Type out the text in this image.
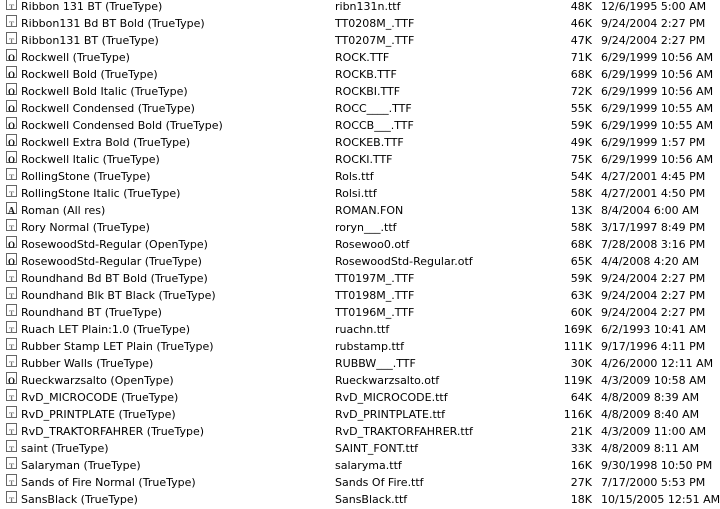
T
Ribbon 131 BT (TrueType)	ribn131n.ttf	48K 12/6/1995 5:00 AM
T
Ribbon131 Bd BT Bold (TrueType)	TT0208M_.TTF	46K 9/24/2004 2:27 PM
T
Ribbon131 BT (TrueType)	TT0207M_.TTF	47K 9/24/2004 2:27 PM
O
Rockwell (TrueType)	ROCK.TTF	71K 6/29/1999 10:56 AM
O
Rockwell Bold (TrueType)	ROCKB.TTF	68K 6/29/1999 10:56 AM
O
Rockwell Bold Italic (TrueType)	ROCKBI.TTF	72K 6/29/1999 10:56 AM
O
Rockwell Condensed (TrueType)	ROCC____.TTF	55K 6/29/1999 10:55 AM
O
Rockwell Condensed Bold (TrueType)	ROCCB___.TTF	59K 6/29/1999 10:55 AM
O
Rockwell Extra Bold (TrueType)	ROCKEB.TTF	49K 6/29/1999 1:57 PM
O
Rockwell Italic (TrueType)	ROCKI.TTF	75K 6/29/1999 10:56 AM
T
RollingStone (TrueType)	Rols.ttf	54K 4/27/2001 4:45 PM
T
RollingStone Italic (TrueType)	Rolsi.ttf	58K 4/27/2001 4:50 PM
A
Roman (All res)	ROMAN.FON	13K 8/4/2004 6:00 AM
T
Rory Normal (TrueType)	roryn___.ttf	58K 3/17/1997 8:49 PM
O
RosewoodStd-Regular (OpenType)	Rosewoo0.otf	68K 7/28/2008 3:16 PM
O
RosewoodStd-Regular (TrueType)	RosewoodStd-Regular.otf	65K 4/4/2008 4:20 AM
T
Roundhand Bd BT Bold (TrueType)	TT0197M_.TTF	59K 9/24/2004 2:27 PM
T
Roundhand Blk BT Black (TrueType)	TT0198M_.TTF	63K 9/24/2004 2:27 PM
T
Roundhand BT (TrueType)	TT0196M_.TTF	60K 9/24/2004 2:27 PM
T
Ruach LET Plain:1.0 (TrueType)	ruachn.ttf	169K 6/2/1993 10:41 AM
T
Rubber Stamp LET Plain (TrueType)	rubstamp.ttf	111K 9/17/1996 4:11 PM
T
Rubber Walls (TrueType)	RUBBW___.TTF	30K 4/26/2000 12:11 AM
O
Rueckwarzsalto (OpenType)	Rueckwarzsalto.otf	119K 4/3/2009 10:58 AM
T
RvD_MICROCODE (TrueType)	RvD_MICROCODE.ttf	64K 4/8/2009 8:39 AM
T
RvD_PRINTPLATE (TrueType)	RvD_PRINTPLATE.ttf	116K 4/8/2009 8:40 AM
T
RvD_TRAKTORFAHRER (TrueType)	RvD_TRAKTORFAHRER.ttf	21K 4/3/2009 11:00 AM
T
saint (TrueType)	SAINT_FONT.ttf	33K 4/8/2009 8:11 AM
T
Salaryman (TrueType)	salaryma.ttf	16K 9/30/1998 10:50 PM
T
Sands of Fire Normal (TrueType)	Sands Of Fire.ttf	27K 7/17/2000 5:53 PM
T
SansBlack (TrueType)	SansBlack.ttf	18K 10/15/2005 12:51 AM
